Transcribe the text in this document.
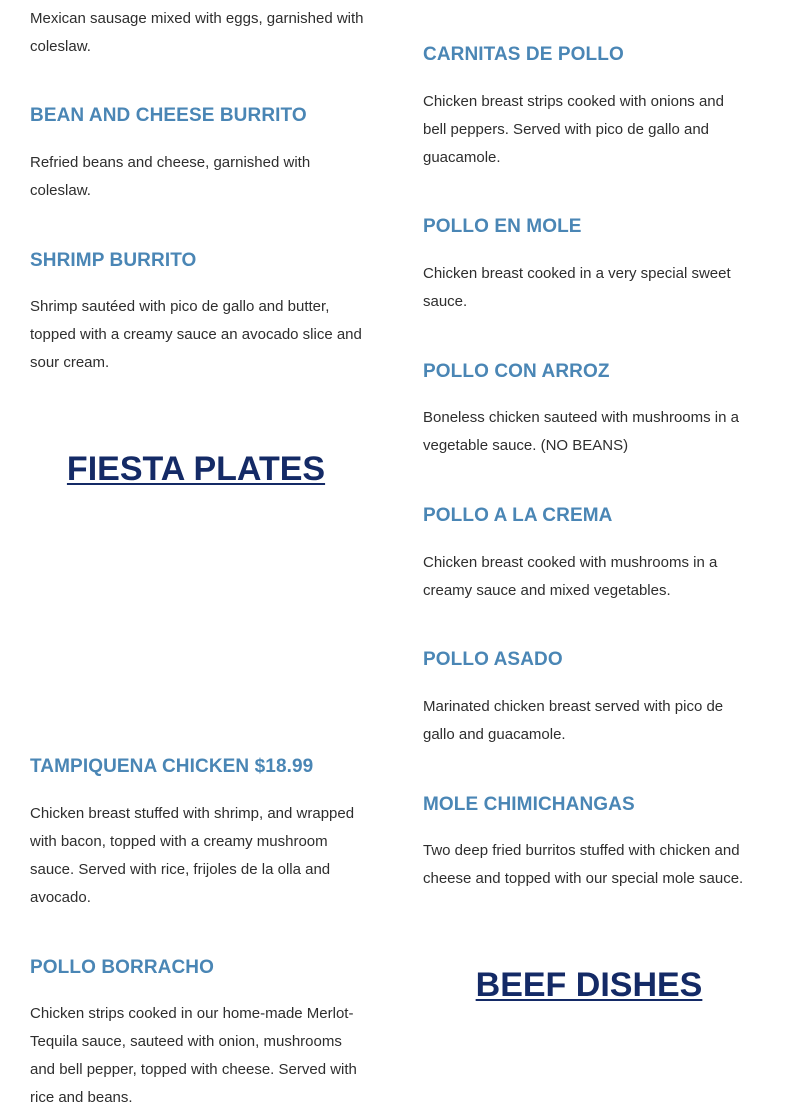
Mexican sausage mixed with eggs, garnished with coleslaw.

BEAN AND CHEESE BURRITO

Refried beans and cheese, garnished with coleslaw.

SHRIMP BURRITO

Shrimp sautéed with pico de gallo and butter, topped with a creamy sauce an avocado slice and sour cream.

FIESTA PLATES
TAMPIQUENA CHICKEN $18.99

Chicken breast stuffed with shrimp, and wrapped with bacon, topped with a creamy mushroom sauce. Served with rice, frijoles de la olla and avocado.

POLLO BORRACHO

Chicken strips cooked in our home-made Merlot-Tequila sauce, sauteed with onion, mushrooms and bell pepper, topped with cheese. Served with rice and beans.

CARNITAS DE POLLO

Chicken breast strips cooked with onions and bell peppers. Served with pico de gallo and guacamole.

POLLO EN MOLE

Chicken breast cooked in a very special sweet sauce.

POLLO CON ARROZ

Boneless chicken sauteed with mushrooms in a vegetable sauce. (NO BEANS)

POLLO A LA CREMA

Chicken breast cooked with mushrooms in a creamy sauce and mixed vegetables.

POLLO ASADO

Marinated chicken breast served with pico de gallo and guacamole.

MOLE CHIMICHANGAS

Two deep fried burritos stuffed with chicken and cheese and topped with our special mole sauce.

BEEF DISHES
